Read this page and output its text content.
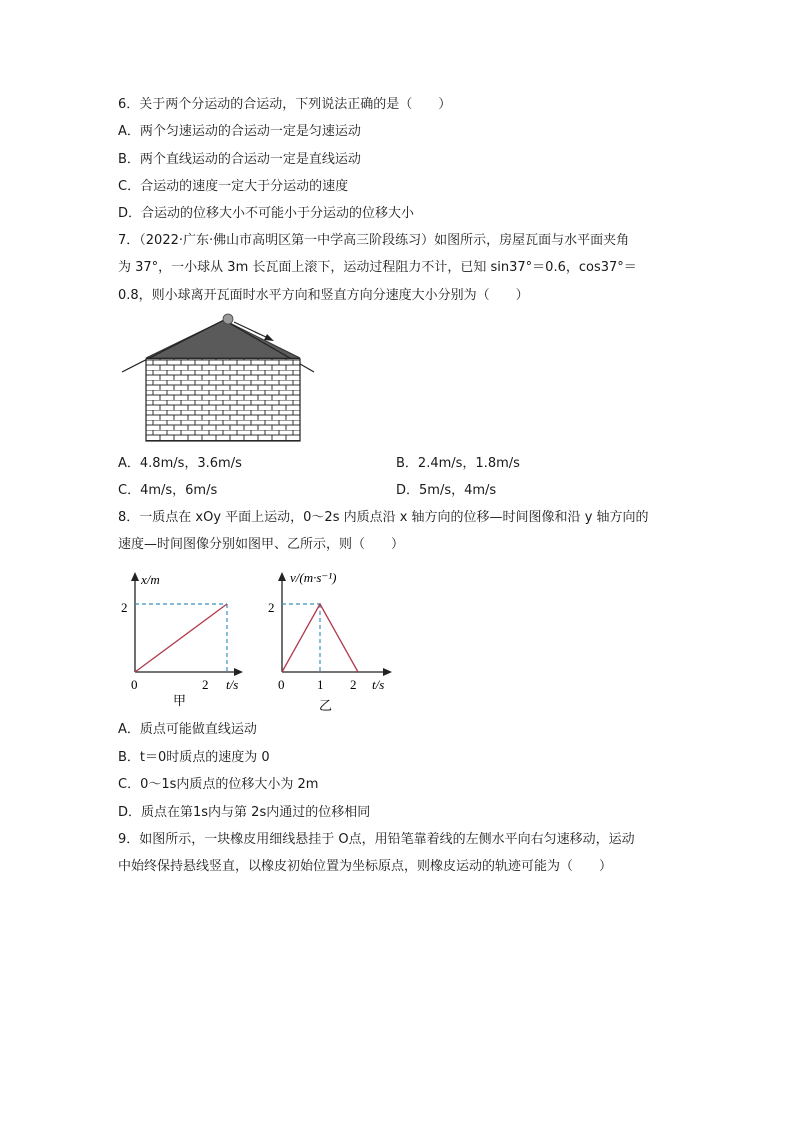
6．关于两个分运动的合运动，下列说法正确的是（　　）
A．两个匀速运动的合运动一定是匀速运动
B．两个直线运动的合运动一定是直线运动
C．合运动的速度一定大于分运动的速度
D．合运动的位移大小不可能小于分运动的位移大小
7．（2022·广东·佛山市高明区第一中学高三阶段练习）如图所示，房屋瓦面与水平面夹角
为 37°，一小球从 3m 长瓦面上滚下，运动过程阻力不计，已知 sin37°＝0.6，cos37°＝
0.8，则小球离开瓦面时水平方向和竖直方向分速度大小分别为（　　）
A．4.8m/s，3.6m/s	B．2.4m/s，1.8m/s
C．4m/s，6m/s	D．5m/s，4m/s
8．一质点在 xOy 平面上运动，0～2s 内质点沿 x 轴方向的位移—时间图像和沿 y 轴方向的
速度—时间图像分别如图甲、乙所示，则（　　）
x/m
2
0	2 t/s
甲
v/(m·s⁻¹)
2
0	1 2 t/s
乙
A．质点可能做直线运动
B．t＝0时质点的速度为 0
C．0～1s内质点的位移大小为 2m
D．质点在第1s内与第 2s内通过的位移相同
9．如图所示，一块橡皮用细线悬挂于 O点，用铅笔靠着线的左侧水平向右匀速移动，运动
中始终保持悬线竖直，以橡皮初始位置为坐标原点，则橡皮运动的轨迹可能为（　　）
